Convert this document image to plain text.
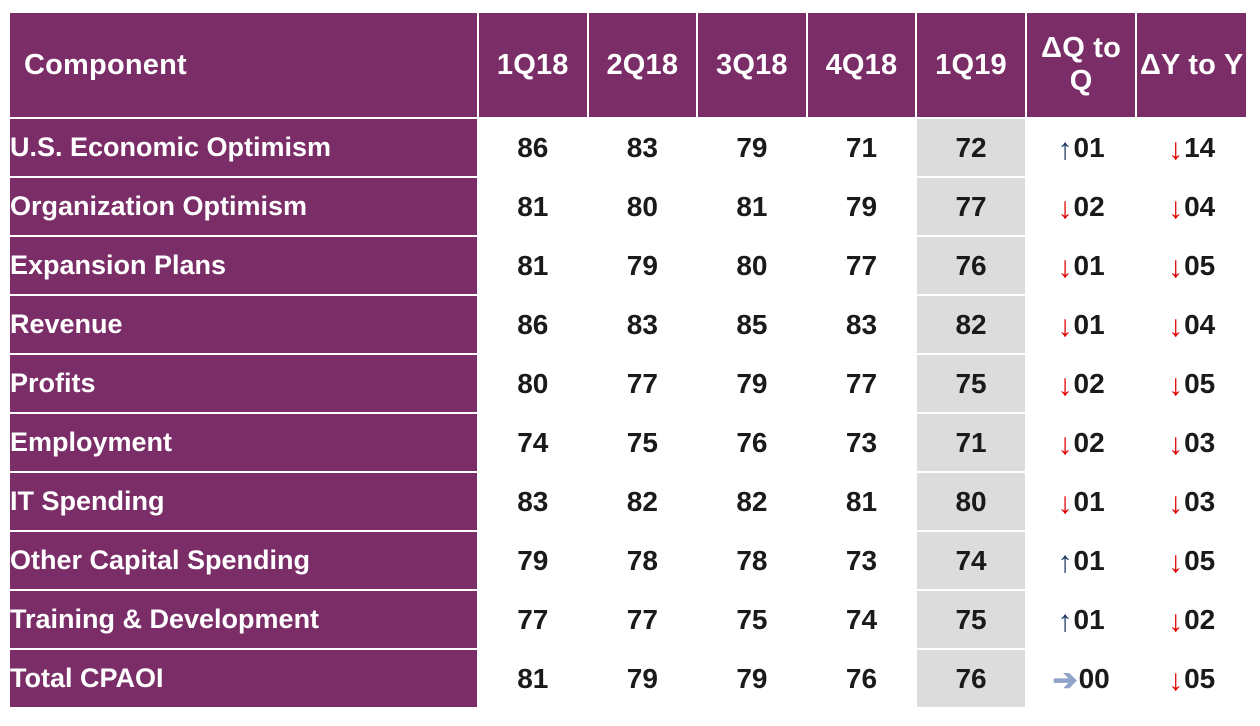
Component	1Q18	2Q18	3Q18	4Q18	1Q19	ΔQ to Q	ΔY to Y
U.S. Economic Optimism	86	83	79	71	72	↑01	↓14
Organization Optimism	81	80	81	79	77	↓02	↓04
Expansion Plans	81	79	80	77	76	↓01	↓05
Revenue	86	83	85	83	82	↓01	↓04
Profits	80	77	79	77	75	↓02	↓05
Employment	74	75	76	73	71	↓02	↓03
IT Spending	83	82	82	81	80	↓01	↓03
Other Capital Spending	79	78	78	73	74	↑01	↓05
Training & Development	77	77	75	74	75	↑01	↓02
Total CPAOI	81	79	79	76	76	➔00	↓05
